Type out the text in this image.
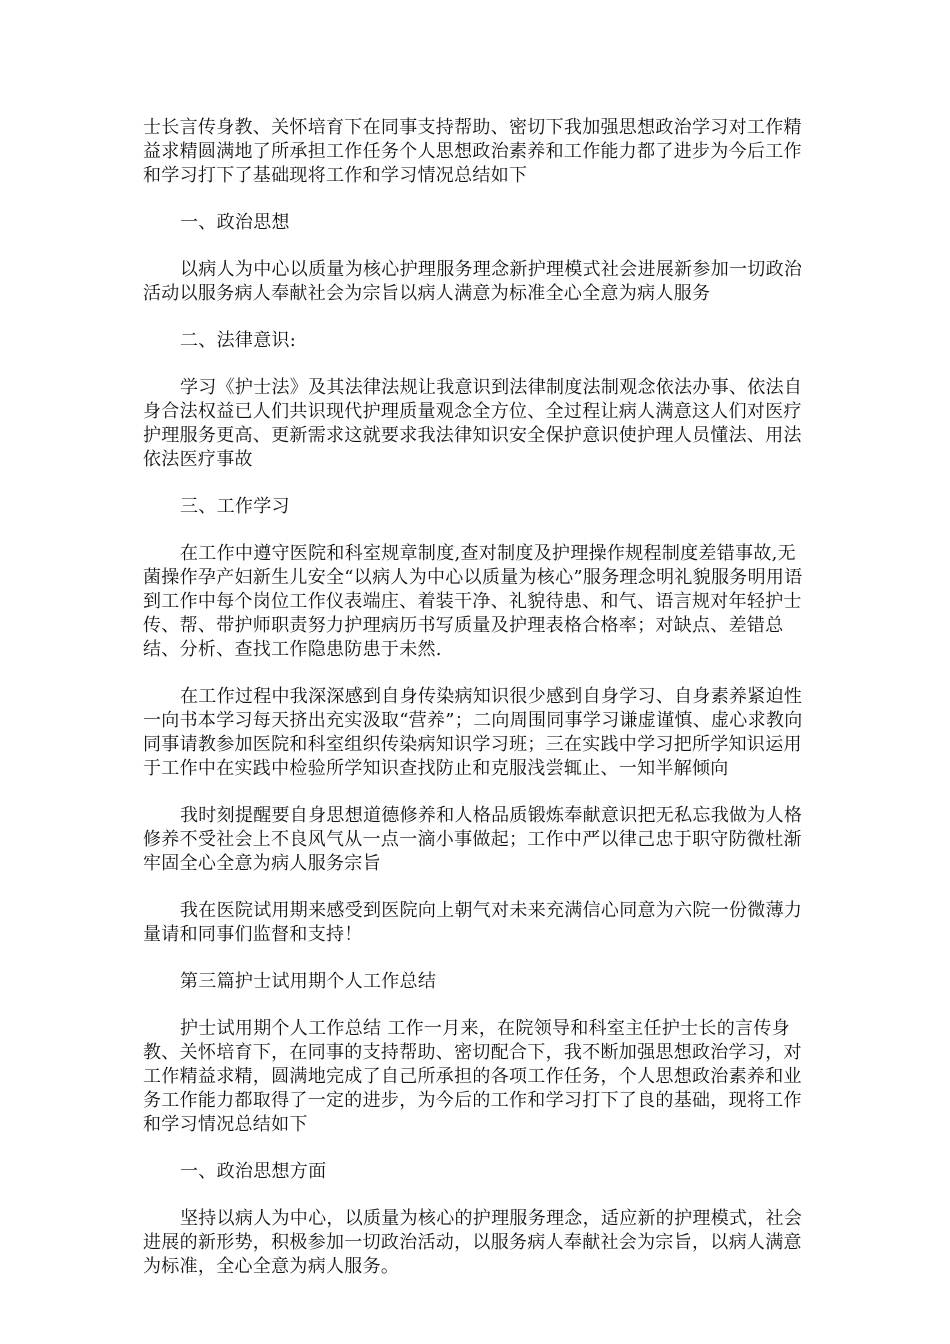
士长言传身教、关怀培育下在同事支持帮助、密切下我加强思想政治学习对工作精益求精圆满地了所承担工作任务个人思想政治素养和工作能力都了进步为今后工作和学习打下了基础现将工作和学习情况总结如下

一、政治思想

以病人为中心以质量为核心护理服务理念新护理模式社会进展新参加一切政治活动以服务病人奉献社会为宗旨以病人满意为标准全心全意为病人服务

二、法律意识:

学习《护士法》及其法律法规让我意识到法律制度法制观念依法办事、依法自身合法权益已人们共识现代护理质量观念全方位、全过程让病人满意这人们对医疗护理服务更高、更新需求这就要求我法律知识安全保护意识使护理人员懂法、用法依法医疗事故

三、工作学习

在工作中遵守医院和科室规章制度,查对制度及护理操作规程制度差错事故,无菌操作孕产妇新生儿安全“以病人为中心以质量为核心”服务理念明礼貌服务明用语到工作中每个岗位工作仪表端庄、着装干净、礼貌待患、和气、语言规对年轻护士传、帮、带护师职责努力护理病历书写质量及护理表格合格率；对缺点、差错总结、分析、查找工作隐患防患于未然.

在工作过程中我深深感到自身传染病知识很少感到自身学习、自身素养紧迫性一向书本学习每天挤出充实汲取“营养”；二向周围同事学习谦虚谨慎、虚心求教向同事请教参加医院和科室组织传染病知识学习班；三在实践中学习把所学知识运用于工作中在实践中检验所学知识查找防止和克服浅尝辄止、一知半解倾向

我时刻提醒要自身思想道德修养和人格品质锻炼奉献意识把无私忘我做为人格修养不受社会上不良风气从一点一滴小事做起；工作中严以律己忠于职守防微杜渐牢固全心全意为病人服务宗旨

我在医院试用期来感受到医院向上朝气对未来充满信心同意为六院一份微薄力量请和同事们监督和支持！

第三篇护士试用期个人工作总结

护士试用期个人工作总结 工作一月来，在院领导和科室主任护士长的言传身教、关怀培育下，在同事的支持帮助、密切配合下，我不断加强思想政治学习，对工作精益求精，圆满地完成了自己所承担的各项工作任务，个人思想政治素养和业务工作能力都取得了一定的进步，为今后的工作和学习打下了良的基础，现将工作和学习情况总结如下

一、政治思想方面

坚持以病人为中心，以质量为核心的护理服务理念，适应新的护理模式，社会进展的新形势，积极参加一切政治活动，以服务病人奉献社会为宗旨，以病人满意为标准，全心全意为病人服务。
